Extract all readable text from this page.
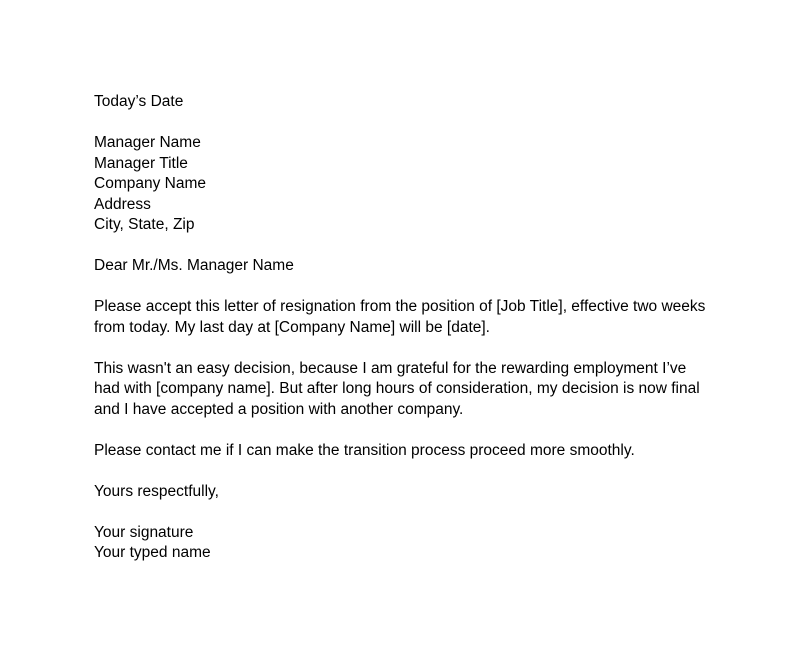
Today’s Date
Manager Name
Manager Title
Company Name
Address
City, State, Zip
Dear Mr./Ms. Manager Name

Please accept this letter of resignation from the position of [Job Title], effective two weeks from today. My last day at [Company Name] will be [date].

This wasn't an easy decision, because I am grateful for the rewarding employment I’ve had with [company name]. But after long hours of consideration, my decision is now final and I have accepted a position with another company.

Please contact me if I can make the transition process proceed more smoothly.

Yours respectfully,
Your signature
Your typed name
